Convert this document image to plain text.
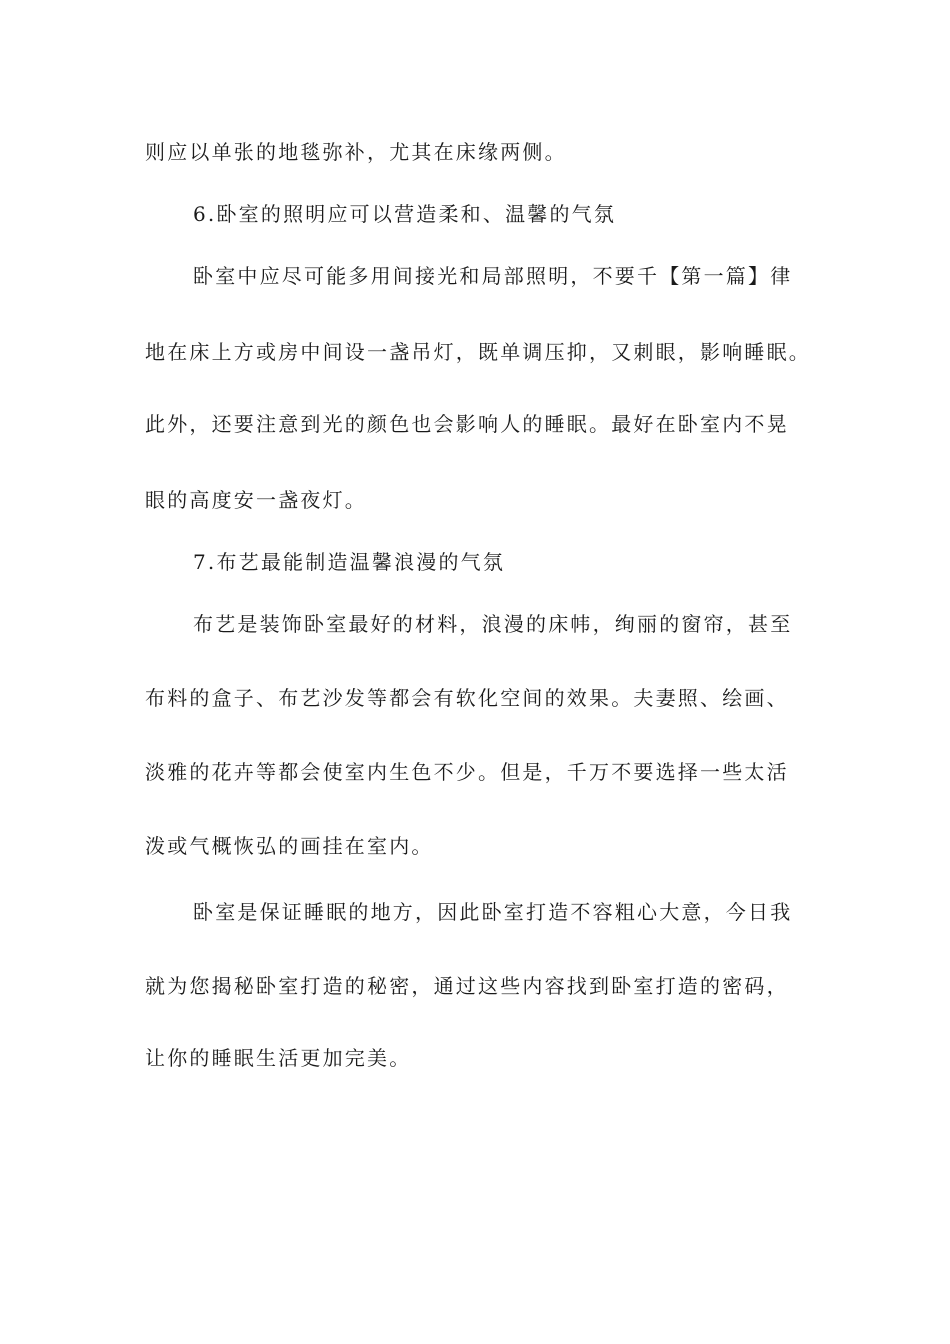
则应以单张的地毯弥补，尤其在床缘两侧。
6.卧室的照明应可以营造柔和、温馨的气氛
卧室中应尽可能多用间接光和局部照明，不要千【第一篇】律
地在床上方或房中间设一盏吊灯，既单调压抑，又刺眼，影响睡眠。
此外，还要注意到光的颜色也会影响人的睡眠。最好在卧室内不晃
眼的高度安一盏夜灯。
7.布艺最能制造温馨浪漫的气氛
布艺是装饰卧室最好的材料，浪漫的床帏，绚丽的窗帘，甚至
布料的盒子、布艺沙发等都会有软化空间的效果。夫妻照、绘画、
淡雅的花卉等都会使室内生色不少。但是，千万不要选择一些太活
泼或气概恢弘的画挂在室内。
卧室是保证睡眠的地方，因此卧室打造不容粗心大意，今日我
就为您揭秘卧室打造的秘密，通过这些内容找到卧室打造的密码，
让你的睡眠生活更加完美。
